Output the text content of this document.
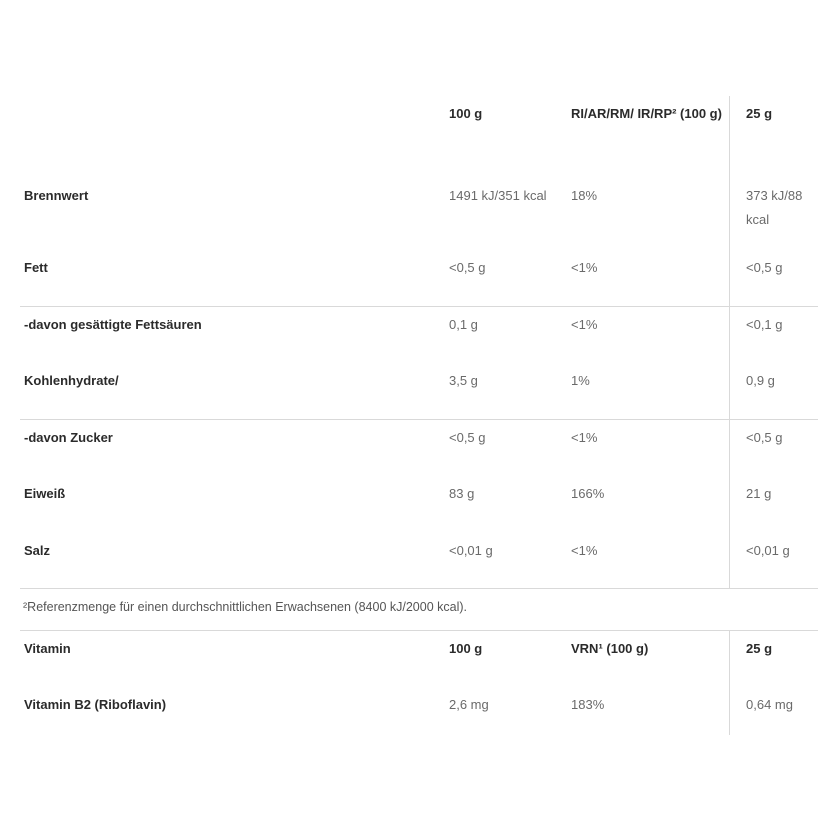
100 g	RI/AR/RM/ IR/RP² (100 g)	25 g
Brennwert	1491 kJ/351 kcal	18%	373 kJ/88 kcal
Fett	<0,5 g	<1%	<0,5 g
-davon gesättigte Fettsäuren	0,1 g	<1%	<0,1 g
Kohlenhydrate/	3,5 g	1%	0,9 g
-davon Zucker	<0,5 g	<1%	<0,5 g
Eiweiß	83 g	166%	21 g
Salz	<0,01 g	<1%	<0,01 g
²Referenzmenge für einen durchschnittlichen Erwachsenen (8400 kJ/2000 kcal).
Vitamin	100 g	VRN¹ (100 g)	25 g
Vitamin B2 (Riboflavin)	2,6 mg	183%	0,64 mg
